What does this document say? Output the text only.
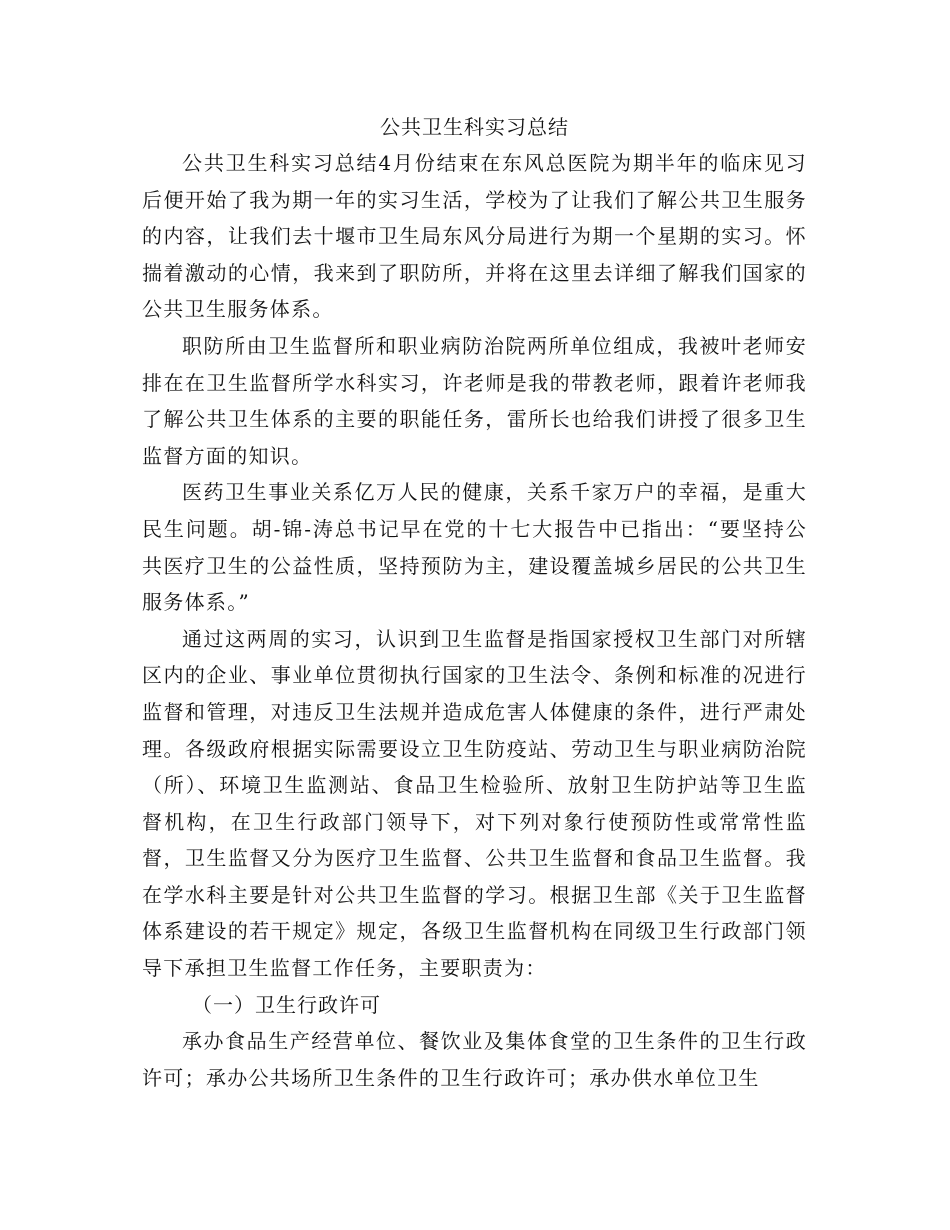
公共卫生科实习总结

公共卫生科实习总结4月份结束在东风总医院为期半年的临床见习后便开始了我为期一年的实习生活，学校为了让我们了解公共卫生服务的内容，让我们去十堰市卫生局东风分局进行为期一个星期的实习。怀揣着激动的心情，我来到了职防所，并将在这里去详细了解我们国家的公共卫生服务体系。

职防所由卫生监督所和职业病防治院两所单位组成，我被叶老师安排在在卫生监督所学水科实习，许老师是我的带教老师，跟着许老师我了解公共卫生体系的主要的职能任务，雷所长也给我们讲授了很多卫生监督方面的知识。

医药卫生事业关系亿万人民的健康，关系千家万户的幸福，是重大民生问题。胡-锦-涛总书记早在党的十七大报告中已指出：“要坚持公共医疗卫生的公益性质，坚持预防为主，建设覆盖城乡居民的公共卫生服务体系。”

通过这两周的实习，认识到卫生监督是指国家授权卫生部门对所辖区内的企业、事业单位贯彻执行国家的卫生法令、条例和标准的况进行监督和管理，对违反卫生法规并造成危害人体健康的条件，进行严肃处理。各级政府根据实际需要设立卫生防疫站、劳动卫生与职业病防治院（所）、环境卫生监测站、食品卫生检验所、放射卫生防护站等卫生监督机构，在卫生行政部门领导下，对下列对象行使预防性或常常性监督，卫生监督又分为医疗卫生监督、公共卫生监督和食品卫生监督。我在学水科主要是针对公共卫生监督的学习。根据卫生部《关于卫生监督体系建设的若干规定》规定，各级卫生监督机构在同级卫生行政部门领导下承担卫生监督工作任务，主要职责为：

（一）卫生行政许可

承办食品生产经营单位、餐饮业及集体食堂的卫生条件的卫生行政许可；承办公共场所卫生条件的卫生行政许可；承办供水单位卫生
